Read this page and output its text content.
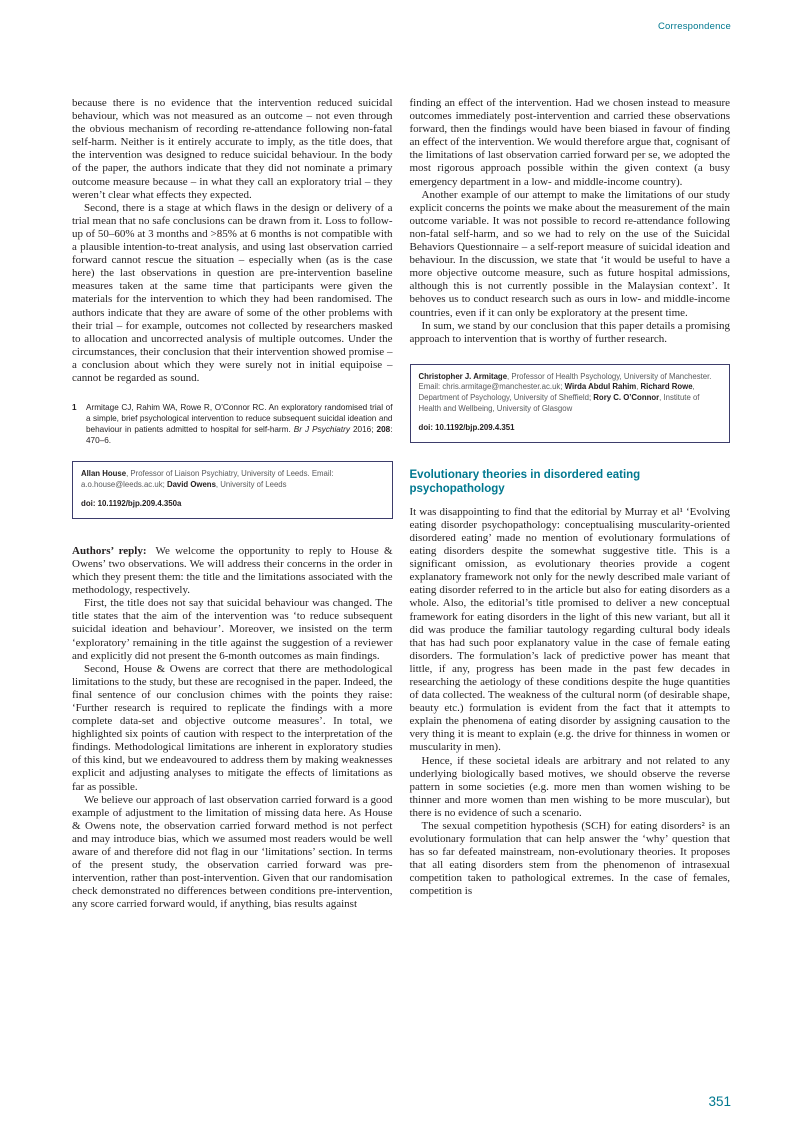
Correspondence

because there is no evidence that the intervention reduced suicidal behaviour, which was not measured as an outcome – not even through the obvious mechanism of recording re-attendance following non-fatal self-harm. Neither is it entirely accurate to imply, as the title does, that the intervention was designed to reduce suicidal behaviour. In the body of the paper, the authors indicate that they did not nominate a primary outcome measure because – in what they call an exploratory trial – they weren’t clear what effects they expected.

Second, there is a stage at which flaws in the design or delivery of a trial mean that no safe conclusions can be drawn from it. Loss to follow-up of 50–60% at 3 months and >85% at 6 months is not compatible with a plausible intention-to-treat analysis, and using last observation carried forward cannot rescue the situation – especially when (as is the case here) the last observations in question are pre-intervention baseline measures taken at the same time that participants were given the materials for the intervention to which they had been randomised. The authors indicate that they are aware of some of the other problems with their trial – for example, outcomes not collected by researchers masked to allocation and uncorrected analysis of multiple outcomes. Under the circumstances, their conclusion that their intervention showed promise – a conclusion about which they were surely not in initial equipoise – cannot be regarded as sound.

1	Armitage CJ, Rahim WA, Rowe R, O’Connor RC. An exploratory randomised trial of a simple, brief psychological intervention to reduce subsequent suicidal ideation and behaviour in patients admitted to hospital for self-harm. Br J Psychiatry 2016; 208: 470–6.

Allan House, Professor of Liaison Psychiatry, University of Leeds. Email: a.o.house@leeds.ac.uk; David Owens, University of Leeds

doi: 10.1192/bjp.209.4.350a

Authors’ reply: We welcome the opportunity to reply to House & Owens’ two observations. We will address their concerns in the order in which they present them: the title and the limitations associated with the methodology, respectively.

First, the title does not say that suicidal behaviour was changed. The title states that the aim of the intervention was ‘to reduce subsequent suicidal ideation and behaviour’. Moreover, we insisted on the term ‘exploratory’ remaining in the title against the suggestion of a reviewer and explicitly did not present the 6-month outcomes as main findings.

Second, House & Owens are correct that there are methodological limitations to the study, but these are recognised in the paper. Indeed, the final sentence of our conclusion chimes with the points they raise: ‘Further research is required to replicate the findings with a more complete data-set and objective outcome measures’. In total, we highlighted six points of caution with respect to the interpretation of the findings. Methodological limitations are inherent in exploratory studies of this kind, but we endeavoured to address them by making weaknesses explicit and adjusting analyses to mitigate the effects of limitations as far as possible.

We believe our approach of last observation carried forward is a good example of adjustment to the limitation of missing data here. As House & Owens note, the observation carried forward method is not perfect and may introduce bias, which we assumed most readers would be well aware of and therefore did not flag in our ‘limitations’ section. In terms of the present study, the observation carried forward was pre-intervention, rather than post-intervention. Given that our randomisation check demonstrated no differences between conditions pre-intervention, any score carried forward would, if anything, bias results against

finding an effect of the intervention. Had we chosen instead to measure outcomes immediately post-intervention and carried these observations forward, then the findings would have been biased in favour of finding an effect of the intervention. We would therefore argue that, cognisant of the limitations of last observation carried forward per se, we adopted the most rigorous approach possible within the given context (a busy emergency department in a low- and middle-income country).

Another example of our attempt to make the limitations of our study explicit concerns the points we make about the measurement of the main outcome variable. It was not possible to record re-attendance following non-fatal self-harm, and so we had to rely on the use of the Suicidal Behaviors Questionnaire – a self-report measure of suicidal ideation and behaviour. In the discussion, we state that ‘it would be useful to have a more objective outcome measure, such as future hospital admissions, although this is not currently possible in the Malaysian context’. It behoves us to conduct research such as ours in low- and middle-income countries, even if it can only be exploratory at the present time.

In sum, we stand by our conclusion that this paper details a promising approach to intervention that is worthy of further research.

Christopher J. Armitage, Professor of Health Psychology, University of Manchester. Email: chris.armitage@manchester.ac.uk; Wirda Abdul Rahim, Richard Rowe, Department of Psychology, University of Sheffield; Rory C. O’Connor, Institute of Health and Wellbeing, University of Glasgow

doi: 10.1192/bjp.209.4.351

Evolutionary theories in disordered eating psychopathology

It was disappointing to find that the editorial by Murray et al¹ ‘Evolving eating disorder psychopathology: conceptualising muscularity-oriented disordered eating’ made no mention of evolutionary formulations of eating disorders despite the somewhat suggestive title. This is a significant omission, as evolutionary theories provide a cogent explanatory framework not only for the newly described male variant of eating disorder referred to in the article but also for eating disorders as a whole. Also, the editorial’s title promised to deliver a new conceptual framework for eating disorders in the light of this new variant, but all it did was produce the familiar tautology regarding cultural body ideals that has had such poor explanatory value in the case of female eating disorders. The formulation’s lack of predictive power has meant that little, if any, progress has been made in the past few decades in researching the aetiology of these conditions despite the huge quantities of data collected. The weakness of the cultural norm (of desirable shape, beauty etc.) formulation is evident from the fact that it attempts to explain the phenomena of eating disorder by assigning causation to the very thing it is meant to explain (e.g. the drive for thinness in women or muscularity in men).

Hence, if these societal ideals are arbitrary and not related to any underlying biologically based motives, we should observe the reverse pattern in some societies (e.g. more men than women wishing to be thinner and more women than men wishing to be more muscular), but there is no evidence of such a scenario.

The sexual competition hypothesis (SCH) for eating disorders² is an evolutionary formulation that can help answer the ‘why’ question that has so far defeated mainstream, non-evolutionary theories. It proposes that all eating disorders stem from the phenomenon of intrasexual competition taken to pathological extremes. In the case of females, competition is

351
